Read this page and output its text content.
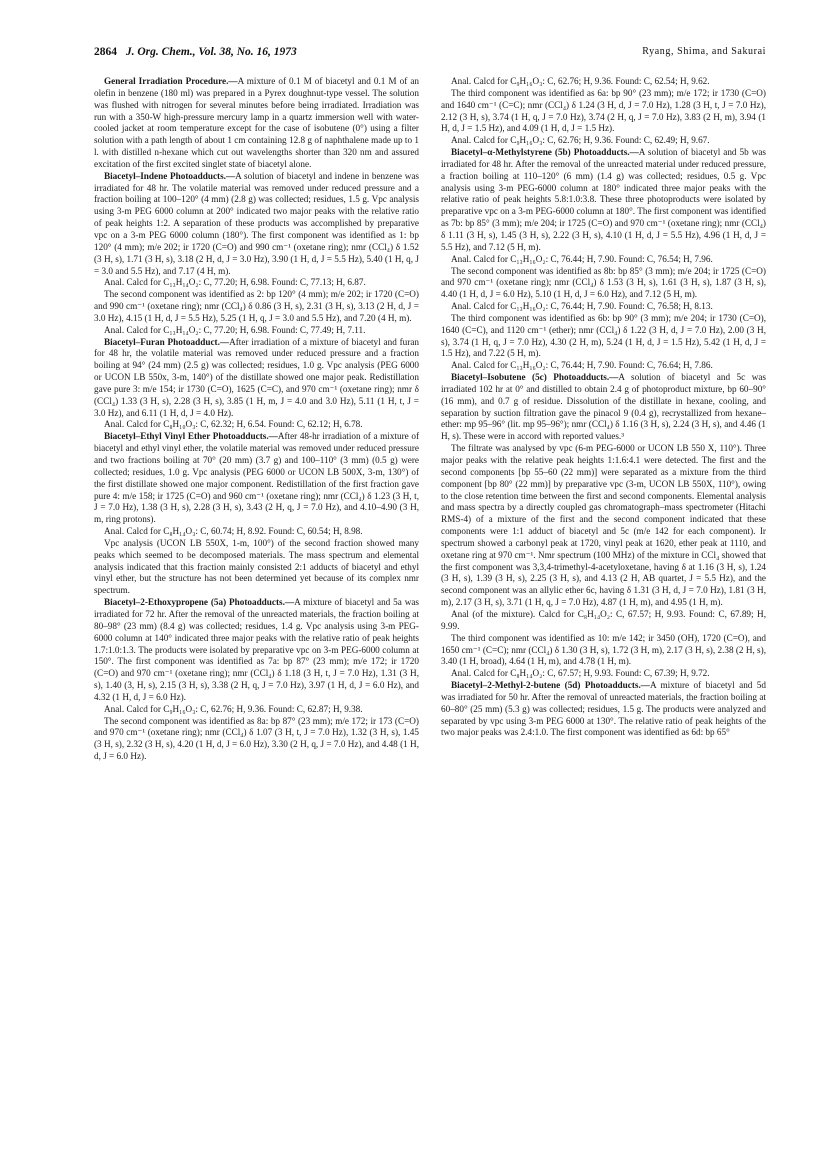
2864 J. Org. Chem., Vol. 38, No. 16, 1973	Ryang, Shima, and Sakurai

General Irradiation Procedure.—A mixture of 0.1 M of biacetyl and 0.1 M of an olefin in benzene (180 ml) was prepared in a Pyrex doughnut-type vessel. The solution was flushed with nitrogen for several minutes before being irradiated. Irradiation was run with a 350-W high-pressure mercury lamp in a quartz immersion well with water-cooled jacket at room temperature except for the case of isobutene (0°) using a filter solution with a path length of about 1 cm containing 12.8 g of naphthalene made up to 1 l. with distilled n-hexane which cut out wavelengths shorter than 320 nm and assured excitation of the first excited singlet state of biacetyl alone.

Biacetyl–Indene Photoadducts.—A solution of biacetyl and indene in benzene was irradiated for 48 hr. The volatile material was removed under reduced pressure and a fraction boiling at 100–120° (4 mm) (2.8 g) was collected; residues, 1.5 g. Vpc analysis using 3-m PEG 6000 column at 200° indicated two major peaks with the relative ratio of peak heights 1:2. A separation of these products was accomplished by preparative vpc on a 3-m PEG 6000 column (180°). The first component was identified as 1: bp 120° (4 mm); m/e 202; ir 1720 (C=O) and 990 cm⁻¹ (oxetane ring); nmr (CCl₄) δ 1.52 (3 H, s), 1.71 (3 H, s), 3.18 (2 H, d, J = 3.0 Hz), 3.90 (1 H, d, J = 5.5 Hz), 5.40 (1 H, q, J = 3.0 and 5.5 Hz), and 7.17 (4 H, m).

Anal. Calcd for C₁₃H₁₄O₂: C, 77.20; H, 6.98. Found: C, 77.13; H, 6.87.

The second component was identified as 2: bp 120° (4 mm); m/e 202; ir 1720 (C=O) and 990 cm⁻¹ (oxetane ring); nmr (CCl₄) δ 0.86 (3 H, s), 2.31 (3 H, s), 3.13 (2 H, d, J = 3.0 Hz), 4.15 (1 H, d, J = 5.5 Hz), 5.25 (1 H, q, J = 3.0 and 5.5 Hz), and 7.20 (4 H, m).

Anal. Calcd for C₁₃H₁₄O₂: C, 77.20; H, 6.98. Found: C, 77.49; H, 7.11.

Biacetyl–Furan Photoadduct.—After irradiation of a mixture of biacetyl and furan for 48 hr, the volatile material was removed under reduced pressure and a fraction boiling at 94° (24 mm) (2.5 g) was collected; residues, 1.0 g. Vpc analysis (PEG 6000 or UCON LB 550x, 3-m, 140°) of the distillate showed one major peak. Redistillation gave pure 3: m/e 154; ir 1730 (C=O), 1625 (C=C), and 970 cm⁻¹ (oxetane ring); nmr δ (CCl₄) 1.33 (3 H, s), 2.28 (3 H, s), 3.85 (1 H, m, J = 4.0 and 3.0 Hz), 5.11 (1 H, t, J = 3.0 Hz), and 6.11 (1 H, d, J = 4.0 Hz).

Anal. Calcd for C₈H₁₀O₃: C, 62.32; H, 6.54. Found: C, 62.12; H, 6.78.

Biacetyl–Ethyl Vinyl Ether Photoadducts.—After 48-hr irradiation of a mixture of biacetyl and ethyl vinyl ether, the volatile material was removed under reduced pressure and two fractions boiling at 70° (20 mm) (3.7 g) and 100–110° (3 mm) (0.5 g) were collected; residues, 1.0 g. Vpc analysis (PEG 6000 or UCON LB 500X, 3-m, 130°) of the first distillate showed one major component. Redistillation of the first fraction gave pure 4: m/e 158; ir 1725 (C=O) and 960 cm⁻¹ (oxetane ring); nmr (CCl₄) δ 1.23 (3 H, t, J = 7.0 Hz), 1.38 (3 H, s), 2.28 (3 H, s), 3.43 (2 H, q, J = 7.0 Hz), and 4.10–4.90 (3 H, m, ring protons).

Anal. Calcd for C₈H₁₄O₃: C, 60.74; H, 8.92. Found: C, 60.54; H, 8.98.

Vpc analysis (UCON LB 550X, 1-m, 100°) of the second fraction showed many peaks which seemed to be decomposed materials. The mass spectrum and elemental analysis indicated that this fraction mainly consisted 2:1 adducts of biacetyl and ethyl vinyl ether, but the structure has not been determined yet because of its complex nmr spectrum.

Biacetyl–2-Ethoxypropene (5a) Photoadducts.—A mixture of biacetyl and 5a was irradiated for 72 hr. After the removal of the unreacted materials, the fraction boiling at 80–98° (23 mm) (8.4 g) was collected; residues, 1.4 g. Vpc analysis using 3-m PEG-6000 column at 140° indicated three major peaks with the relative ratio of peak heights 1.7:1.0:1.3. The products were isolated by preparative vpc on 3-m PEG-6000 column at 150°. The first component was identified as 7a: bp 87° (23 mm); m/e 172; ir 1720 (C=O) and 970 cm⁻¹ (oxetane ring); nmr (CCl₄) δ 1.18 (3 H, t, J = 7.0 Hz), 1.31 (3 H, s), 1.40 (3, H, s), 2.15 (3 H, s), 3.38 (2 H, q, J = 7.0 Hz), 3.97 (1 H, d, J = 6.0 Hz), and 4.32 (1 H, d, J = 6.0 Hz).

Anal. Calcd for C₉H₁₆O₃: C, 62.76; H, 9.36. Found: C, 62.87; H, 9.38.

The second component was identified as 8a: bp 87° (23 mm); m/e 172; ir 173 (C=O) and 970 cm⁻¹ (oxetane ring); nmr (CCl₄) δ 1.07 (3 H, t, J = 7.0 Hz), 1.32 (3 H, s), 1.45 (3 H, s), 2.32 (3 H, s), 4.20 (1 H, d, J = 6.0 Hz), 3.30 (2 H, q, J = 7.0 Hz), and 4.48 (1 H, d, J = 6.0 Hz).

Anal. Calcd for C₉H₁₆O₃: C, 62.76; H, 9.36. Found: C, 62.54; H, 9.62.

The third component was identified as 6a: bp 90° (23 mm); m/e 172; ir 1730 (C=O) and 1640 cm⁻¹ (C=C); nmr (CCl₄) δ 1.24 (3 H, d, J = 7.0 Hz), 1.28 (3 H, t, J = 7.0 Hz), 2.12 (3 H, s), 3.74 (1 H, q, J = 7.0 Hz), 3.74 (2 H, q, J = 7.0 Hz), 3.83 (2 H, m), 3.94 (1 H, d, J = 1.5 Hz), and 4.09 (1 H, d, J = 1.5 Hz).

Anal. Calcd for C₉H₁₆O₃: C, 62.76; H, 9.36. Found: C, 62.49; H, 9.67.

Biacetyl–α-Methylstyrene (5b) Photoadducts.—A solution of biacetyl and 5b was irradiated for 48 hr. After the removal of the unreacted material under reduced pressure, a fraction boiling at 110–120° (6 mm) (1.4 g) was collected; residues, 0.5 g. Vpc analysis using 3-m PEG-6000 column at 180° indicated three major peaks with the relative ratio of peak heights 5.8:1.0:3.8. These three photoproducts were isolated by preparative vpc on a 3-m PEG-6000 column at 180°. The first component was identified as 7b: bp 85° (3 mm); m/e 204; ir 1725 (C=O) and 970 cm⁻¹ (oxetane ring); nmr (CCl₄) δ 1.11 (3 H, s), 1.45 (3 H, s), 2.22 (3 H, s), 4.10 (1 H, d, J = 5.5 Hz), 4.96 (1 H, d, J = 5.5 Hz), and 7.12 (5 H, m).

Anal. Calcd for C₁₃H₁₆O₂: C, 76.44; H, 7.90. Found: C, 76.54; H, 7.96.

The second component was identified as 8b: bp 85° (3 mm); m/e 204; ir 1725 (C=O) and 970 cm⁻¹ (oxetane ring); nmr (CCl₄) δ 1.53 (3 H, s), 1.61 (3 H, s), 1.87 (3 H, s), 4.40 (1 H, d, J = 6.0 Hz), 5.10 (1 H, d, J = 6.0 Hz), and 7.12 (5 H, m).

Anal. Calcd for C₁₃H₁₆O₂: C, 76.44; H, 7.90. Found: C, 76.58; H, 8.13.

The third component was identified as 6b: bp 90° (3 mm); m/e 204; ir 1730 (C=O), 1640 (C=C), and 1120 cm⁻¹ (ether); nmr (CCl₄) δ 1.22 (3 H, d, J = 7.0 Hz), 2.00 (3 H, s), 3.74 (1 H, q, J = 7.0 Hz), 4.30 (2 H, m), 5.24 (1 H, d, J = 1.5 Hz), 5.42 (1 H, d, J = 1.5 Hz), and 7.22 (5 H, m).

Anal. Calcd for C₁₃H₁₆O₂: C, 76.44; H, 7.90. Found: C, 76.64; H, 7.86.

Biacetyl–Isobutene (5c) Photoadducts.—A solution of biacetyl and 5c was irradiated 102 hr at 0° and distilled to obtain 2.4 g of photoproduct mixture, bp 60–90° (16 mm), and 0.7 g of residue. Dissolution of the distillate in hexane, cooling, and separation by suction filtration gave the pinacol 9 (0.4 g), recrystallized from hexane–ether: mp 95–96° (lit. mp 95–96°); nmr (CCl₄) δ 1.16 (3 H, s), 2.24 (3 H, s), and 4.46 (1 H, s). These were in accord with reported values.³

The filtrate was analysed by vpc (6-m PEG-6000 or UCON LB 550 X, 110°). Three major peaks with the relative peak heights 1:1.6:4.1 were detected. The first and the second components [bp 55–60 (22 mm)] were separated as a mixture from the third component [bp 80° (22 mm)] by preparative vpc (3-m, UCON LB 550X, 110°), owing to the close retention time between the first and second components. Elemental analysis and mass spectra by a directly coupled gas chromatograph–mass spectrometer (Hitachi RMS-4) of a mixture of the first and the second component indicated that these components were 1:1 adduct of biacetyl and 5c (m/e 142 for each component). Ir spectrum showed a carbonyl peak at 1720, vinyl peak at 1620, ether peak at 1110, and oxetane ring at 970 cm⁻¹. Nmr spectrum (100 MHz) of the mixture in CCl₄ showed that the first component was 3,3,4-trimethyl-4-acetyloxetane, having δ at 1.16 (3 H, s), 1.24 (3 H, s), 1.39 (3 H, s), 2.25 (3 H, s), and 4.13 (2 H, AB quartet, J = 5.5 Hz), and the second component was an allylic ether 6c, having δ 1.31 (3 H, d, J = 7.0 Hz), 1.81 (3 H, m), 2.17 (3 H, s), 3.71 (1 H, q, J = 7.0 Hz), 4.87 (1 H, m), and 4.95 (1 H, m).

Anal (of the mixture). Calcd for C₈H₁₄O₂: C, 67.57; H, 9.93. Found: C, 67.89; H, 9.99.

The third component was identified as 10: m/e 142; ir 3450 (OH), 1720 (C=O), and 1650 cm⁻¹ (C=C); nmr (CCl₄) δ 1.30 (3 H, s), 1.72 (3 H, m), 2.17 (3 H, s), 2.38 (2 H, s), 3.40 (1 H, broad), 4.64 (1 H, m), and 4.78 (1 H, m).

Anal. Calcd for C₈H₁₄O₂: C, 67.57; H, 9.93. Found: C, 67.39; H, 9.72.

Biacetyl–2-Methyl-2-butene (5d) Photoadducts.—A mixture of biacetyl and 5d was irradiated for 50 hr. After the removal of unreacted materials, the fraction boiling at 60–80° (25 mm) (5.3 g) was collected; residues, 1.5 g. The products were analyzed and separated by vpc using 3-m PEG 6000 at 130°. The relative ratio of peak heights of the two major peaks was 2.4:1.0. The first component was identified as 6d: bp 65°
